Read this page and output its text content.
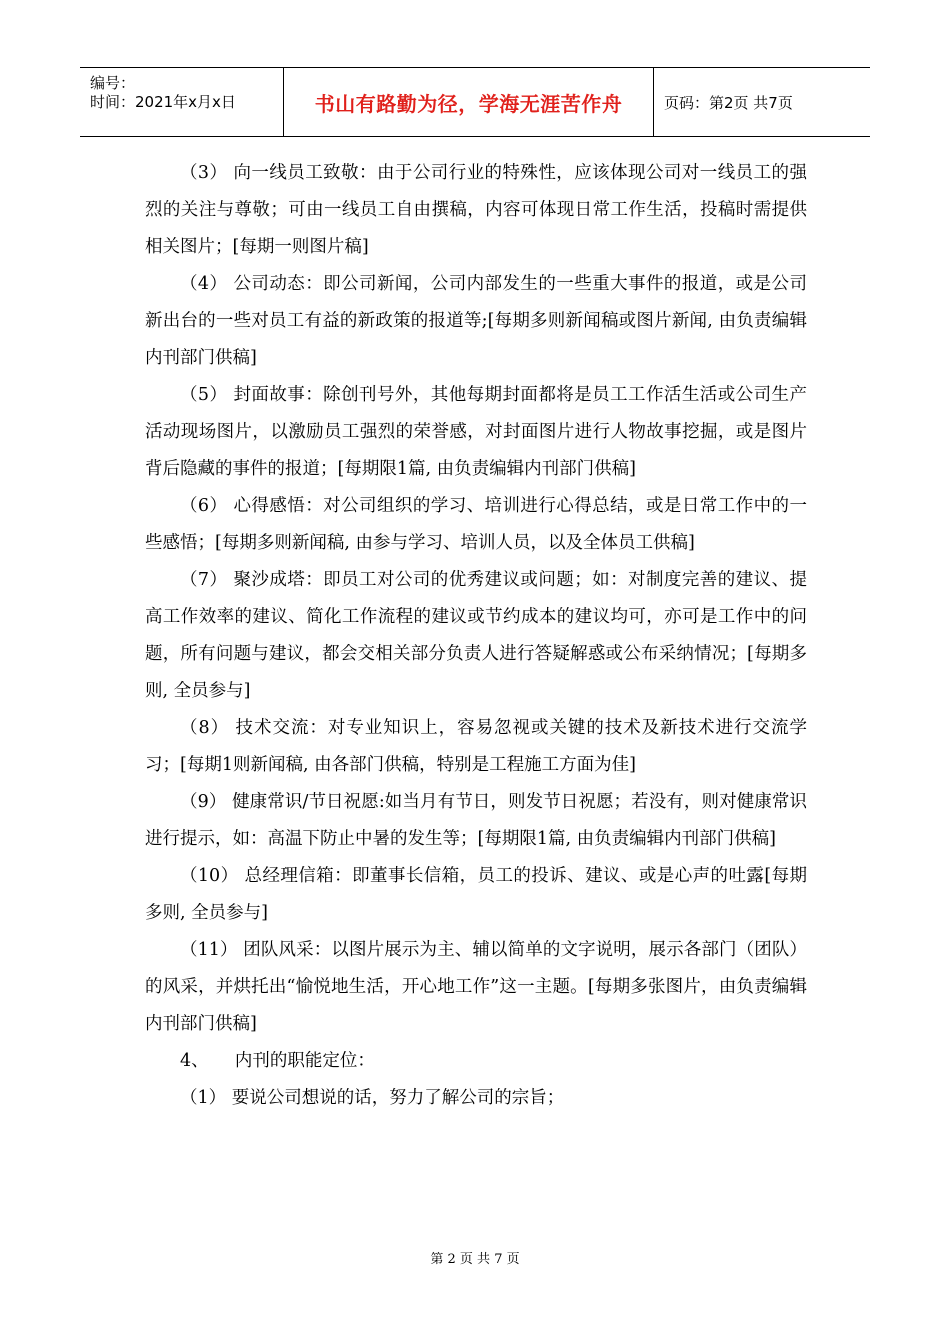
编号：
时间：2021年x月x日	书山有路勤为径，学海无涯苦作舟	页码：第2页 共7页

（3） 向一线员工致敬：由于公司行业的特殊性，应该体现公司对一线员工的强烈的关注与尊敬；可由一线员工自由撰稿，内容可体现日常工作生活，投稿时需提供相关图片；[每期一则图片稿]

（4） 公司动态：即公司新闻，公司内部发生的一些重大事件的报道，或是公司新出台的一些对员工有益的新政策的报道等;[每期多则新闻稿或图片新闻, 由负责编辑内刊部门供稿]

（5） 封面故事：除创刊号外，其他每期封面都将是员工工作活生活或公司生产活动现场图片，以激励员工强烈的荣誉感，对封面图片进行人物故事挖掘，或是图片背后隐藏的事件的报道；[每期限1篇, 由负责编辑内刊部门供稿]

（6） 心得感悟：对公司组织的学习、培训进行心得总结，或是日常工作中的一些感悟；[每期多则新闻稿, 由参与学习、培训人员，以及全体员工供稿]

（7） 聚沙成塔：即员工对公司的优秀建议或问题；如：对制度完善的建议、提高工作效率的建议、简化工作流程的建议或节约成本的建议均可，亦可是工作中的问题，所有问题与建议，都会交相关部分负责人进行答疑解惑或公布采纳情况；[每期多则, 全员参与]

（8） 技术交流：对专业知识上，容易忽视或关键的技术及新技术进行交流学习；[每期1则新闻稿, 由各部门供稿，特别是工程施工方面为佳]

（9） 健康常识/节日祝愿:如当月有节日，则发节日祝愿；若没有，则对健康常识进行提示，如：高温下防止中暑的发生等；[每期限1篇, 由负责编辑内刊部门供稿]

（10） 总经理信箱：即董事长信箱，员工的投诉、建议、或是心声的吐露[每期多则, 全员参与]

（11） 团队风采：以图片展示为主、辅以简单的文字说明，展示各部门（团队）的风采，并烘托出“愉悦地生活，开心地工作”这一主题。[每期多张图片，由负责编辑内刊部门供稿]

4、　　内刊的职能定位：

（1） 要说公司想说的话，努力了解公司的宗旨；

第 2 页 共 7 页
